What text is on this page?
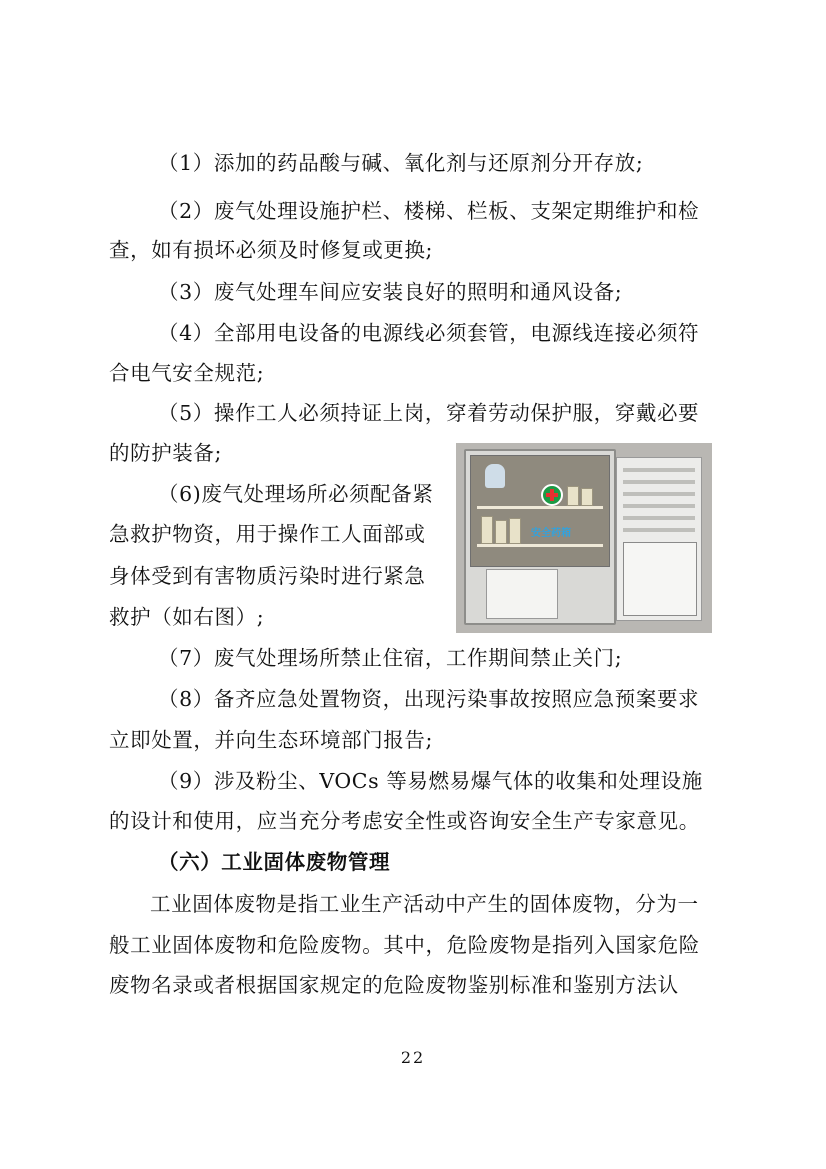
（1）添加的药品酸与碱、氧化剂与还原剂分开存放;
（2）废气处理设施护栏、楼梯、栏板、支架定期维护和检
查，如有损坏必须及时修复或更换;
（3）废气处理车间应安装良好的照明和通风设备;
（4）全部用电设备的电源线必须套管，电源线连接必须符
合电气安全规范;
（5）操作工人必须持证上岗，穿着劳动保护服，穿戴必要
的防护装备;
（6)废气处理场所必须配备紧
急救护物资，用于操作工人面部或
身体受到有害物质污染时进行紧急
救护（如右图）;
安全药箱
（7）废气处理场所禁止住宿，工作期间禁止关门;
（8）备齐应急处置物资，出现污染事故按照应急预案要求
立即处置，并向生态环境部门报告;
（9）涉及粉尘、VOCs 等易燃易爆气体的收集和处理设施
的设计和使用，应当充分考虑安全性或咨询安全生产专家意见。
（六）工业固体废物管理
工业固体废物是指工业生产活动中产生的固体废物，分为一
般工业固体废物和危险废物。其中，危险废物是指列入国家危险
废物名录或者根据国家规定的危险废物鉴别标准和鉴别方法认
22
